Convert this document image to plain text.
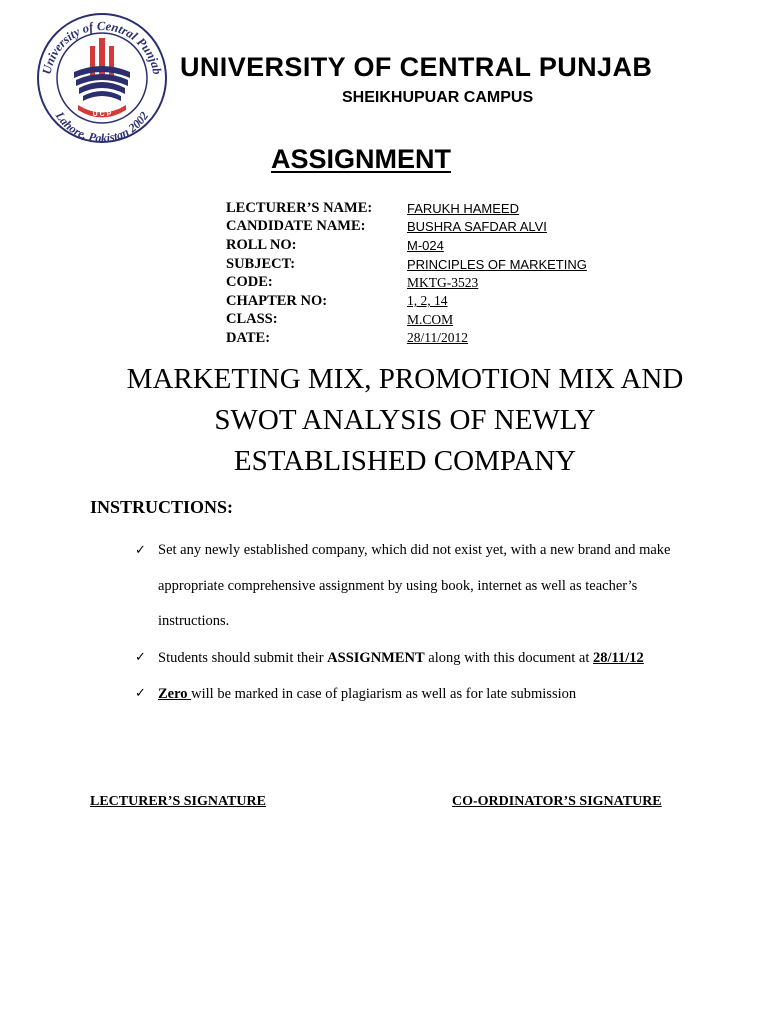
University of Central Punjab
Lahore, Pakistan 2002
U C P
UNIVERSITY OF CENTRAL PUNJAB
SHEIKHUPUAR CAMPUS
ASSIGNMENT
LECTURER’S NAME:	FARUKH HAMEED
CANDIDATE NAME:	BUSHRA SAFDAR ALVI
ROLL NO:	M-024
SUBJECT:	PRINCIPLES OF MARKETING
CODE:	MKTG-3523
CHAPTER NO:	1, 2, 14
CLASS:	M.COM
DATE:	28/11/2012
MARKETING MIX, PROMOTION MIX AND
SWOT ANALYSIS OF NEWLY
ESTABLISHED COMPANY
INSTRUCTIONS:
✓ Set any newly established company, which did not exist yet, with a new brand and make appropriate comprehensive assignment by using book, internet as well as teacher’s instructions.
✓ Students should submit their ASSIGNMENT along with this document at 28/11/12
✓ Zero will be marked in case of plagiarism as well as for late submission
LECTURER’S SIGNATURE	CO-ORDINATOR’S SIGNATURE
